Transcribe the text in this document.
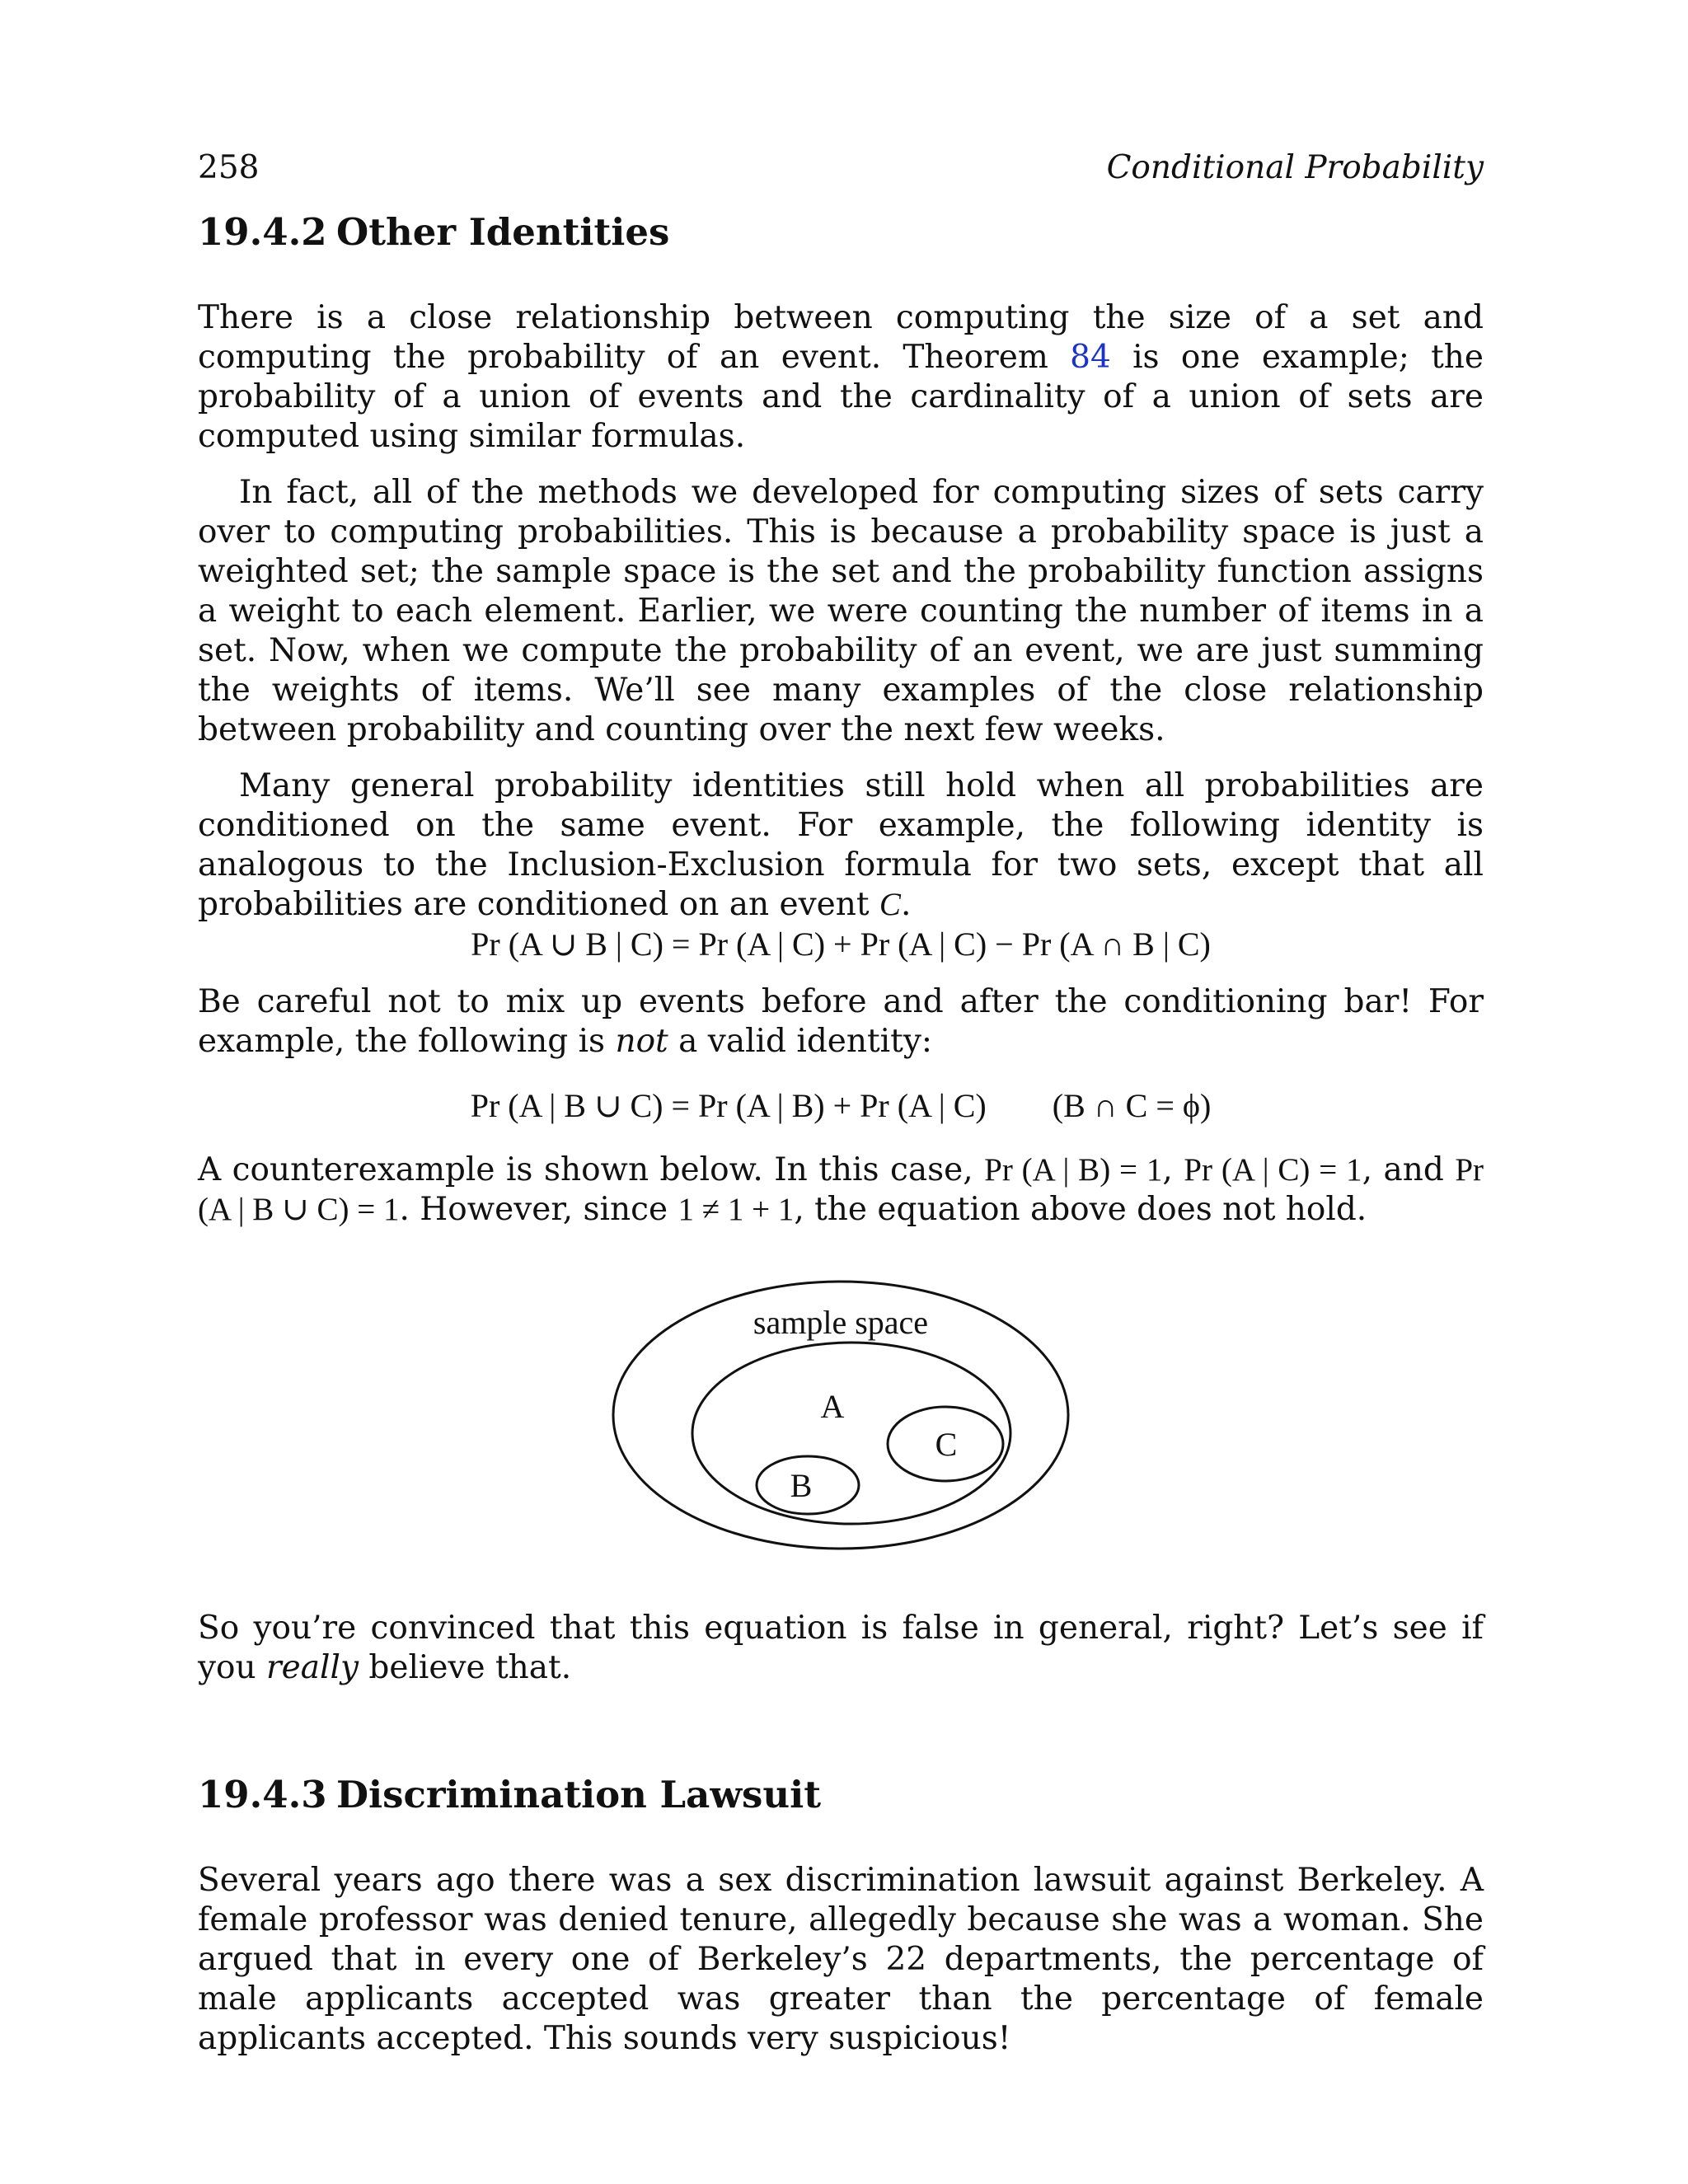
258	Conditional Probability
19.4.2 Other Identities

There is a close relationship between computing the size of a set and computing the probability of an event. Theorem 84 is one example; the probability of a union of events and the cardinality of a union of sets are computed using similar formulas.

In fact, all of the methods we developed for computing sizes of sets carry over to computing probabilities. This is because a probability space is just a weighted set; the sample space is the set and the probability function assigns a weight to each element. Earlier, we were counting the number of items in a set. Now, when we compute the probability of an event, we are just summing the weights of items. We’ll see many examples of the close relationship between probability and counting over the next few weeks.

Many general probability identities still hold when all probabilities are conditioned on the same event. For example, the following identity is analogous to the Inclusion-Exclusion formula for two sets, except that all probabilities are conditioned on an event C.

Pr (A ∪ B | C) = Pr (A | C) + Pr (A | C) − Pr (A ∩ B | C)

Be careful not to mix up events before and after the conditioning bar! For example, the following is not a valid identity:

Pr (A | B ∪ C) = Pr (A | B) + Pr (A | C) (B ∩ C = ϕ)

A counterexample is shown below. In this case, Pr (A | B) = 1, Pr (A | C) = 1, and Pr (A | B ∪ C) = 1. However, since 1 ≠ 1 + 1, the equation above does not hold.

sample space
A
B
C

So you’re convinced that this equation is false in general, right? Let’s see if you really believe that.

19.4.3 Discrimination Lawsuit

Several years ago there was a sex discrimination lawsuit against Berkeley. A female professor was denied tenure, allegedly because she was a woman. She argued that in every one of Berkeley’s 22 departments, the percentage of male applicants accepted was greater than the percentage of female applicants accepted. This sounds very suspicious!
